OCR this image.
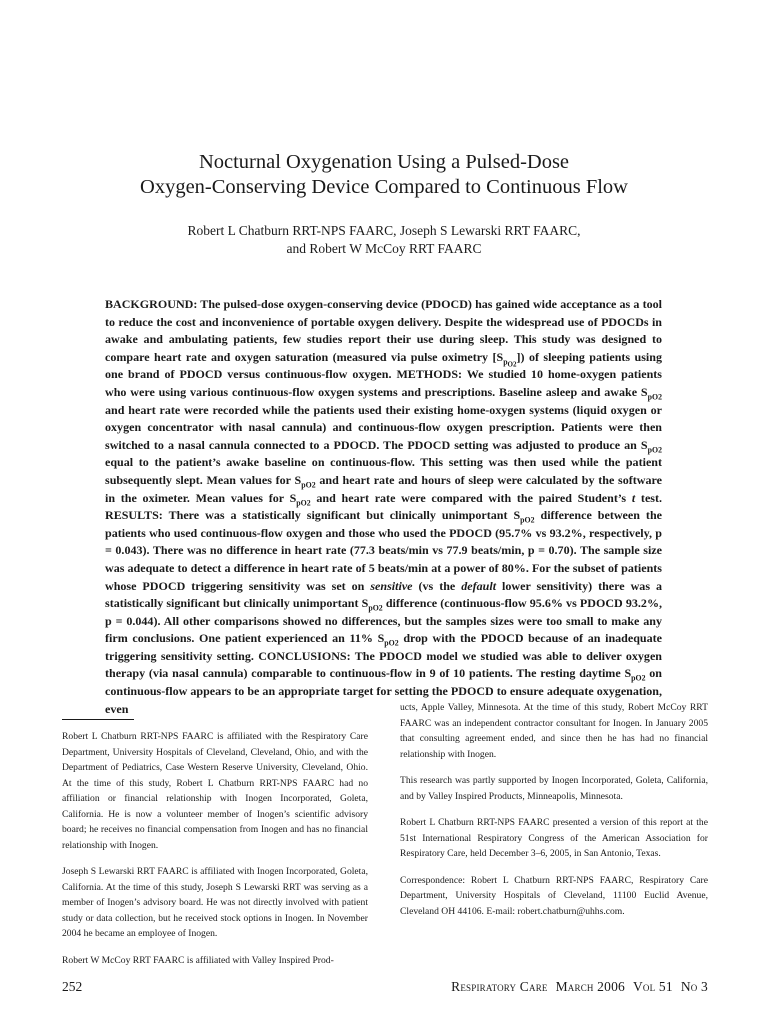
Nocturnal Oxygenation Using a Pulsed-Dose
Oxygen-Conserving Device Compared to Continuous Flow
Robert L Chatburn RRT-NPS FAARC, Joseph S Lewarski RRT FAARC,
and Robert W McCoy RRT FAARC

BACKGROUND: The pulsed-dose oxygen-conserving device (PDOCD) has gained wide acceptance as a tool to reduce the cost and inconvenience of portable oxygen delivery. Despite the widespread use of PDOCDs in awake and ambulating patients, few studies report their use during sleep. This study was designed to compare heart rate and oxygen saturation (measured via pulse oximetry $[S_{p_{O2}}]$) of sleeping patients using one brand of PDOCD versus continuous-flow oxygen. METHODS: We studied 10 home-oxygen patients who were using various continuous-flow oxygen systems and prescriptions. Baseline asleep and awake $S_{pO2}$ and heart rate were recorded while the patients used their existing home-oxygen systems (liquid oxygen or oxygen concentrator with nasal cannula) and continuous-flow oxygen prescription. Patients were then switched to a nasal cannula connected to a PDOCD. The PDOCD setting was adjusted to produce an $S_{pO2}$ equal to the patient’s awake baseline on continuous-flow. This setting was then used while the patient subsequently slept. Mean values for $S_{pO2}$ and heart rate and hours of sleep were calculated by the software in the oximeter. Mean values for $S_{pO2}$ and heart rate were compared with the paired Student’s t test. RESULTS: There was a statistically significant but clinically unimportant $S_{pO2}$ difference between the patients who used continuous-flow oxygen and those who used the PDOCD (95.7% vs 93.2%, respectively, p = 0.043). There was no difference in heart rate (77.3 beats/min vs 77.9 beats/min, p = 0.70). The sample size was adequate to detect a difference in heart rate of 5 beats/min at a power of 80%. For the subset of patients whose PDOCD triggering sensitivity was set on sensitive (vs the default lower sensitivity) there was a statistically significant but clinically unimportant $S_{pO2}$ difference (continuous-flow 95.6% vs PDOCD 93.2%, p = 0.044). All other comparisons showed no differences, but the samples sizes were too small to make any firm conclusions. One patient experienced an 11% $S_{pO2}$ drop with the PDOCD because of an inadequate triggering sensitivity setting. CONCLUSIONS: The PDOCD model we studied was able to deliver oxygen therapy (via nasal cannula) comparable to continuous-flow in 9 of 10 patients. The resting daytime $S_{pO2}$ on continuous-flow appears to be an appropriate target for setting the PDOCD to ensure adequate oxygenation, even

Robert L Chatburn RRT-NPS FAARC is affiliated with the Respiratory Care Department, University Hospitals of Cleveland, Cleveland, Ohio, and with the Department of Pediatrics, Case Western Reserve University, Cleveland, Ohio. At the time of this study, Robert L Chatburn RRT-NPS FAARC had no affiliation or financial relationship with Inogen Incorporated, Goleta, California. He is now a volunteer member of Inogen’s scientific advisory board; he receives no financial compensation from Inogen and has no financial relationship with Inogen.

Joseph S Lewarski RRT FAARC is affiliated with Inogen Incorporated, Goleta, California. At the time of this study, Joseph S Lewarski RRT was serving as a member of Inogen’s advisory board. He was not directly involved with patient study or data collection, but he received stock options in Inogen. In November 2004 he became an employee of Inogen.

Robert W McCoy RRT FAARC is affiliated with Valley Inspired Prod-

ucts, Apple Valley, Minnesota. At the time of this study, Robert McCoy RRT FAARC was an independent contractor consultant for Inogen. In January 2005 that consulting agreement ended, and since then he has had no financial relationship with Inogen.

This research was partly supported by Inogen Incorporated, Goleta, California, and by Valley Inspired Products, Minneapolis, Minnesota.

Robert L Chatburn RRT-NPS FAARC presented a version of this report at the 51st International Respiratory Congress of the American Association for Respiratory Care, held December 3–6, 2005, in San Antonio, Texas.

Correspondence: Robert L Chatburn RRT-NPS FAARC, Respiratory Care Department, University Hospitals of Cleveland, 11100 Euclid Avenue, Cleveland OH 44106. E-mail: robert.chatburn@uhhs.com.

252	Respiratory Care March 2006 Vol 51 No 3
